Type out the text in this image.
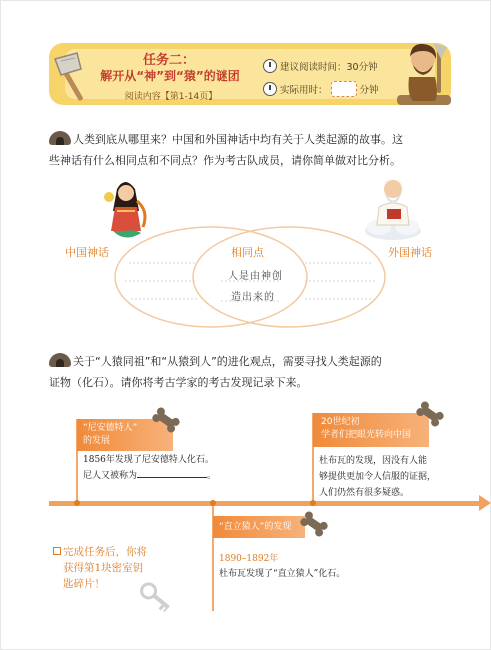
任务二：
解开从“神”到“猿”的谜团
阅读内容【第1-14页】
建议阅读时间：30分钟
实际用时：	分钟
人类到底从哪里来？中国和外国神话中均有关于人类起源的故事。这
些神话有什么相同点和不同点？作为考古队成员，请你简单做对比分析。
中国神话	外国神话
相同点
人是由神创
造出来的
关于“人猿同祖”和“从猿到人”的进化观点，需要寻找人类起源的
证物（化石）。请你将考古学家的考古发现记录下来。
“尼安德特人”
的发展
1856年发现了尼安德特人化石。
尼人又被称为	。
20世纪初
学者们把眼光转向中国
杜布瓦的发现，因没有人能
够提供更加令人信服的证据，
人们仍然有很多疑惑。
“直立猿人”的发现
1890–1892年
杜布瓦发现了“直立猿人”化石。
完成任务后，你将
获得第1块密室钥
匙碎片！
